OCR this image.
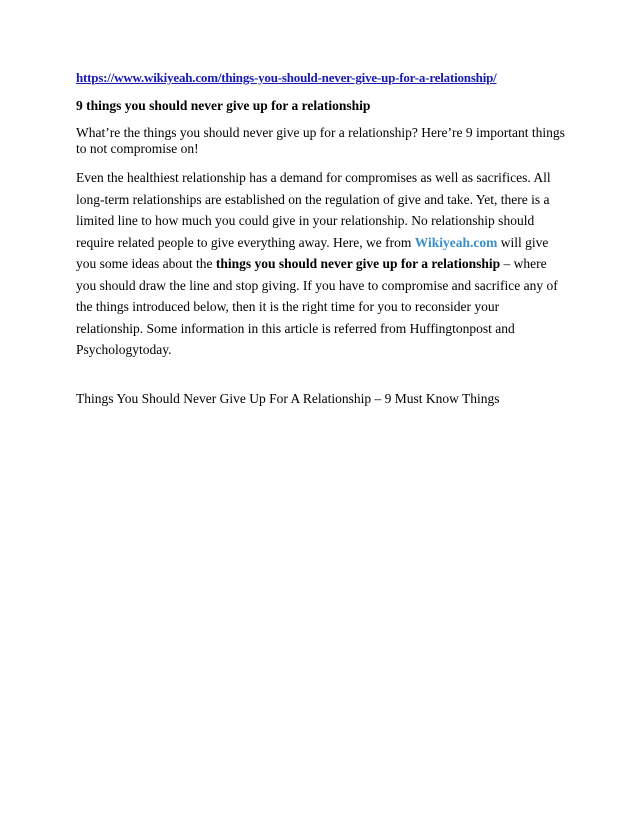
https://www.wikiyeah.com/things-you-should-never-give-up-for-a-relationship/
9 things you should never give up for a relationship
What’re the things you should never give up for a relationship? Here’re 9 important things to not compromise on!

Even the healthiest relationship has a demand for compromises as well as sacrifices. All long-term relationships are established on the regulation of give and take. Yet, there is a limited line to how much you could give in your relationship. No relationship should require related people to give everything away. Here, we from Wikiyeah.com will give you some ideas about the things you should never give up for a relationship – where you should draw the line and stop giving. If you have to compromise and sacrifice any of the things introduced below, then it is the right time for you to reconsider your relationship. Some information in this article is referred from Huffingtonpost and Psychologytoday.

Things You Should Never Give Up For A Relationship – 9 Must Know Things
